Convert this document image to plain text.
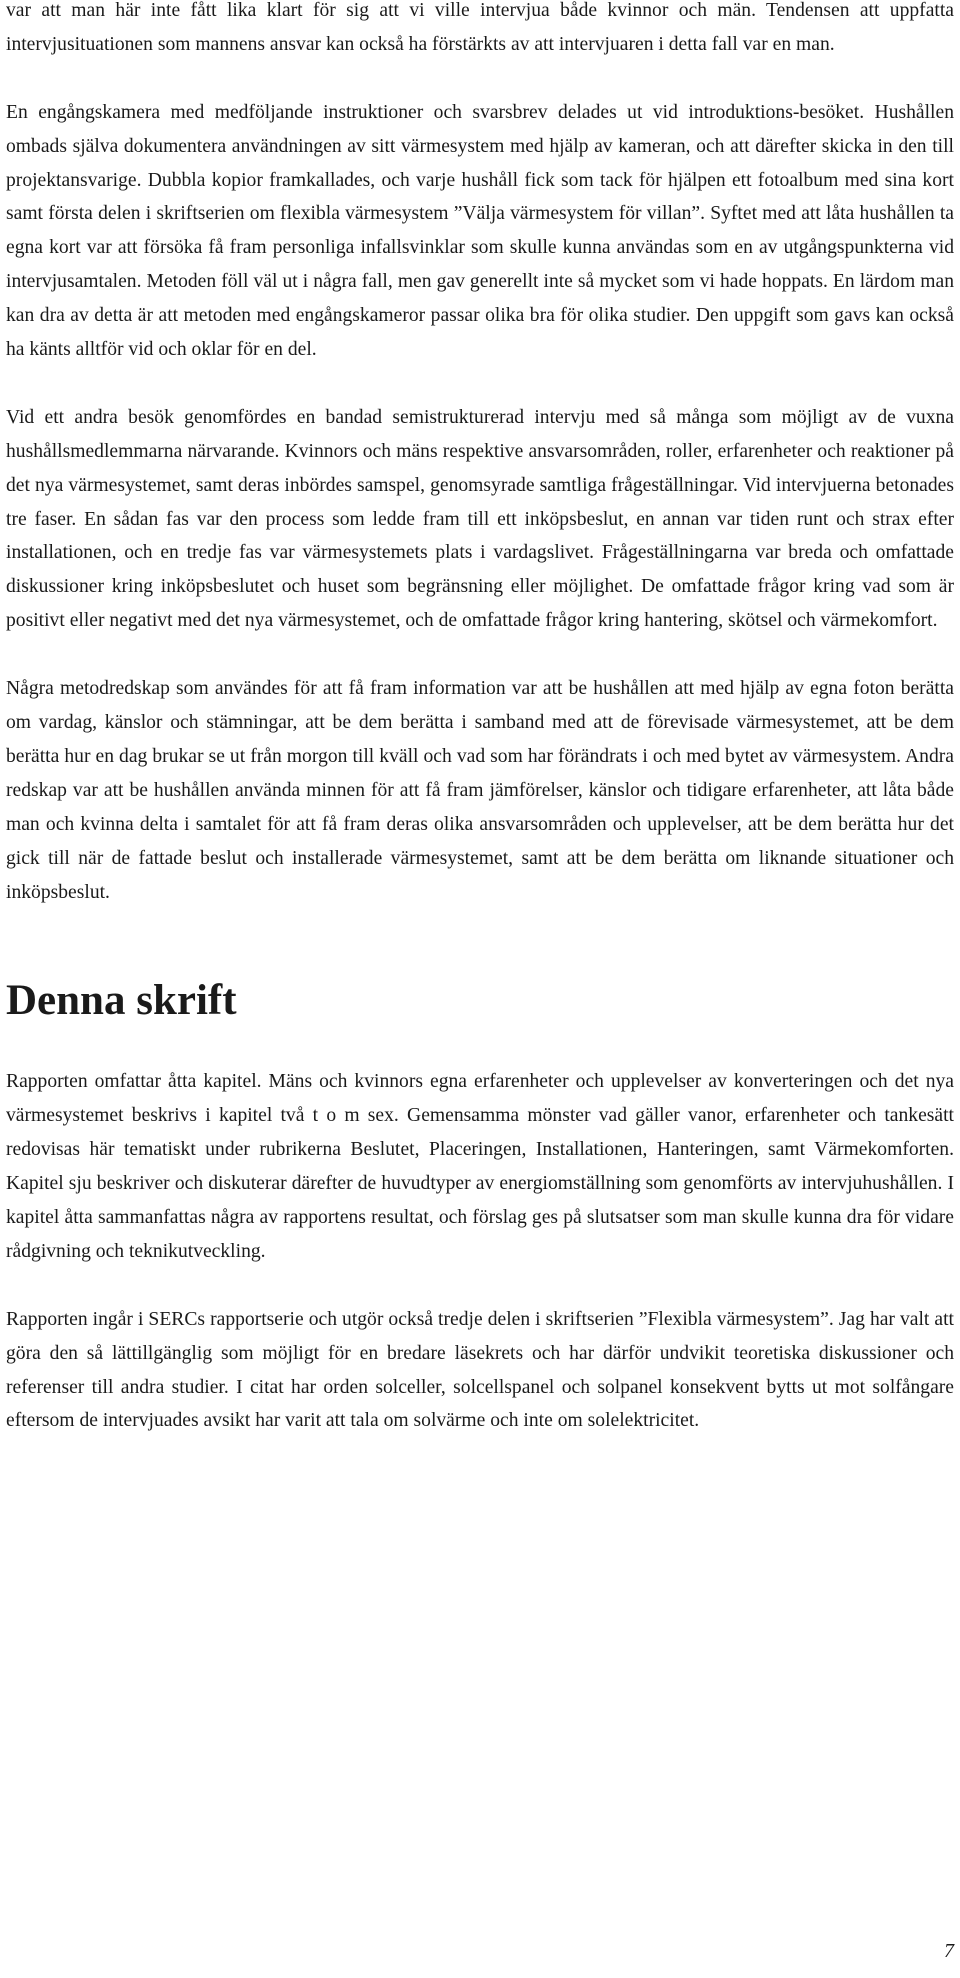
var att man här inte fått lika klart för sig att vi ville intervjua både kvinnor och män. Tendensen att uppfatta intervjusituationen som mannens ansvar kan också ha förstärkts av att intervjuaren i detta fall var en man.

En engångskamera med medföljande instruktioner och svarsbrev delades ut vid introduktions-besöket. Hushållen ombads själva dokumentera användningen av sitt värmesystem med hjälp av kameran, och att därefter skicka in den till projektansvarige. Dubbla kopior framkallades, och varje hushåll fick som tack för hjälpen ett fotoalbum med sina kort samt första delen i skriftserien om flexibla värmesystem ”Välja värmesystem för villan”. Syftet med att låta hushållen ta egna kort var att försöka få fram personliga infallsvinklar som skulle kunna användas som en av utgångspunkterna vid intervjusamtalen. Metoden föll väl ut i några fall, men gav generellt inte så mycket som vi hade hoppats. En lärdom man kan dra av detta är att metoden med engångskameror passar olika bra för olika studier. Den uppgift som gavs kan också ha känts alltför vid och oklar för en del.

Vid ett andra besök genomfördes en bandad semistrukturerad intervju med så många som möjligt av de vuxna hushållsmedlemmarna närvarande. Kvinnors och mäns respektive ansvarsområden, roller, erfarenheter och reaktioner på det nya värmesystemet, samt deras inbördes samspel, genomsyrade samtliga frågeställningar. Vid intervjuerna betonades tre faser. En sådan fas var den process som ledde fram till ett inköpsbeslut, en annan var tiden runt och strax efter installationen, och en tredje fas var värmesystemets plats i vardagslivet. Frågeställningarna var breda och omfattade diskussioner kring inköpsbeslutet och huset som begränsning eller möjlighet. De omfattade frågor kring vad som är positivt eller negativt med det nya värmesystemet, och de omfattade frågor kring hantering, skötsel och värmekomfort.

Några metodredskap som användes för att få fram information var att be hushållen att med hjälp av egna foton berätta om vardag, känslor och stämningar, att be dem berätta i samband med att de förevisade värmesystemet, att be dem berätta hur en dag brukar se ut från morgon till kväll och vad som har förändrats i och med bytet av värmesystem. Andra redskap var att be hushållen använda minnen för att få fram jämförelser, känslor och tidigare erfarenheter, att låta både man och kvinna delta i samtalet för att få fram deras olika ansvarsområden och upplevelser, att be dem berätta hur det gick till när de fattade beslut och installerade värmesystemet, samt att be dem berätta om liknande situationer och inköpsbeslut.

Denna skrift

Rapporten omfattar åtta kapitel. Mäns och kvinnors egna erfarenheter och upplevelser av konverteringen och det nya värmesystemet beskrivs i kapitel två t o m sex. Gemensamma mönster vad gäller vanor, erfarenheter och tankesätt redovisas här tematiskt under rubrikerna Beslutet, Placeringen, Installationen, Hanteringen, samt Värmekomforten. Kapitel sju beskriver och diskuterar därefter de huvudtyper av energiomställning som genomförts av intervjuhushållen. I kapitel åtta sammanfattas några av rapportens resultat, och förslag ges på slutsatser som man skulle kunna dra för vidare rådgivning och teknikutveckling.

Rapporten ingår i SERCs rapportserie och utgör också tredje delen i skriftserien ”Flexibla värmesystem”. Jag har valt att göra den så lättillgänglig som möjligt för en bredare läsekrets och har därför undvikit teoretiska diskussioner och referenser till andra studier. I citat har orden solceller, solcellspanel och solpanel konsekvent bytts ut mot solfångare eftersom de intervjuades avsikt har varit att tala om solvärme och inte om solelektricitet.

7
